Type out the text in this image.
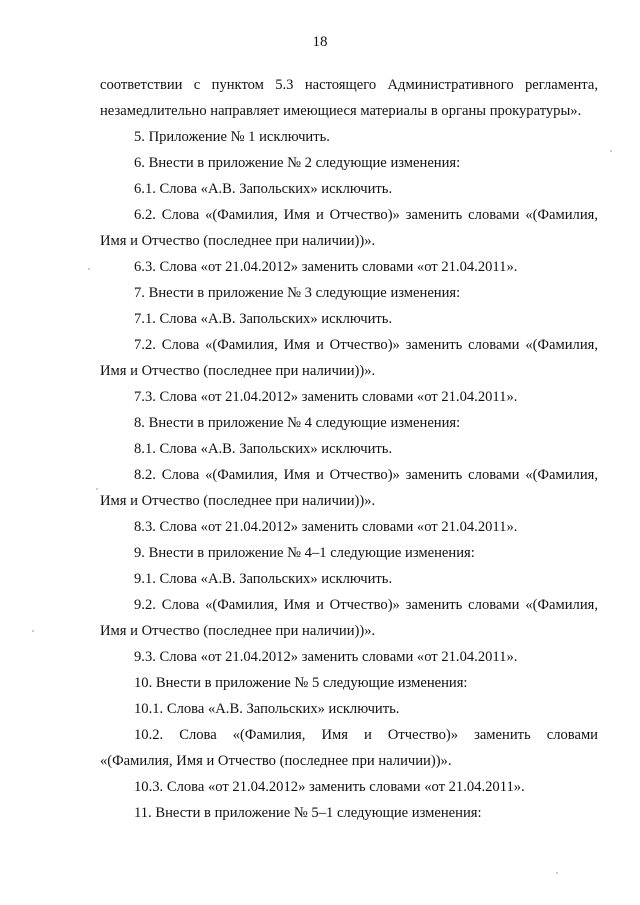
18

соответствии с пунктом 5.3 настоящего Административного регламента,
незамедлительно направляет имеющиеся материалы в органы прокуратуры».

5. Приложение № 1 исключить.

6. Внести в приложение № 2 следующие изменения:

6.1. Слова «А.В. Запольских» исключить.

6.2. Слова «(Фамилия, Имя и Отчество)» заменить словами «(Фамилия,
Имя и Отчество (последнее при наличии))».

6.3. Слова «от 21.04.2012» заменить словами «от 21.04.2011».

7. Внести в приложение № 3 следующие изменения:

7.1. Слова «А.В. Запольских» исключить.

7.2. Слова «(Фамилия, Имя и Отчество)» заменить словами «(Фамилия,
Имя и Отчество (последнее при наличии))».

7.3. Слова «от 21.04.2012» заменить словами «от 21.04.2011».

8. Внести в приложение № 4 следующие изменения:

8.1. Слова «А.В. Запольских» исключить.

8.2. Слова «(Фамилия, Имя и Отчество)» заменить словами «(Фамилия,
Имя и Отчество (последнее при наличии))».

8.3. Слова «от 21.04.2012» заменить словами «от 21.04.2011».

9. Внести в приложение № 4–1 следующие изменения:

9.1. Слова «А.В. Запольских» исключить.

9.2. Слова «(Фамилия, Имя и Отчество)» заменить словами «(Фамилия,
Имя и Отчество (последнее при наличии))».

9.3. Слова «от 21.04.2012» заменить словами «от 21.04.2011».

10. Внести в приложение № 5 следующие изменения:

10.1. Слова «А.В. Запольских» исключить.

10.2. Слова «(Фамилия, Имя и Отчество)» заменить словами
«(Фамилия, Имя и Отчество (последнее при наличии))».

10.3. Слова «от 21.04.2012» заменить словами «от 21.04.2011».

11. Внести в приложение № 5–1 следующие изменения:
